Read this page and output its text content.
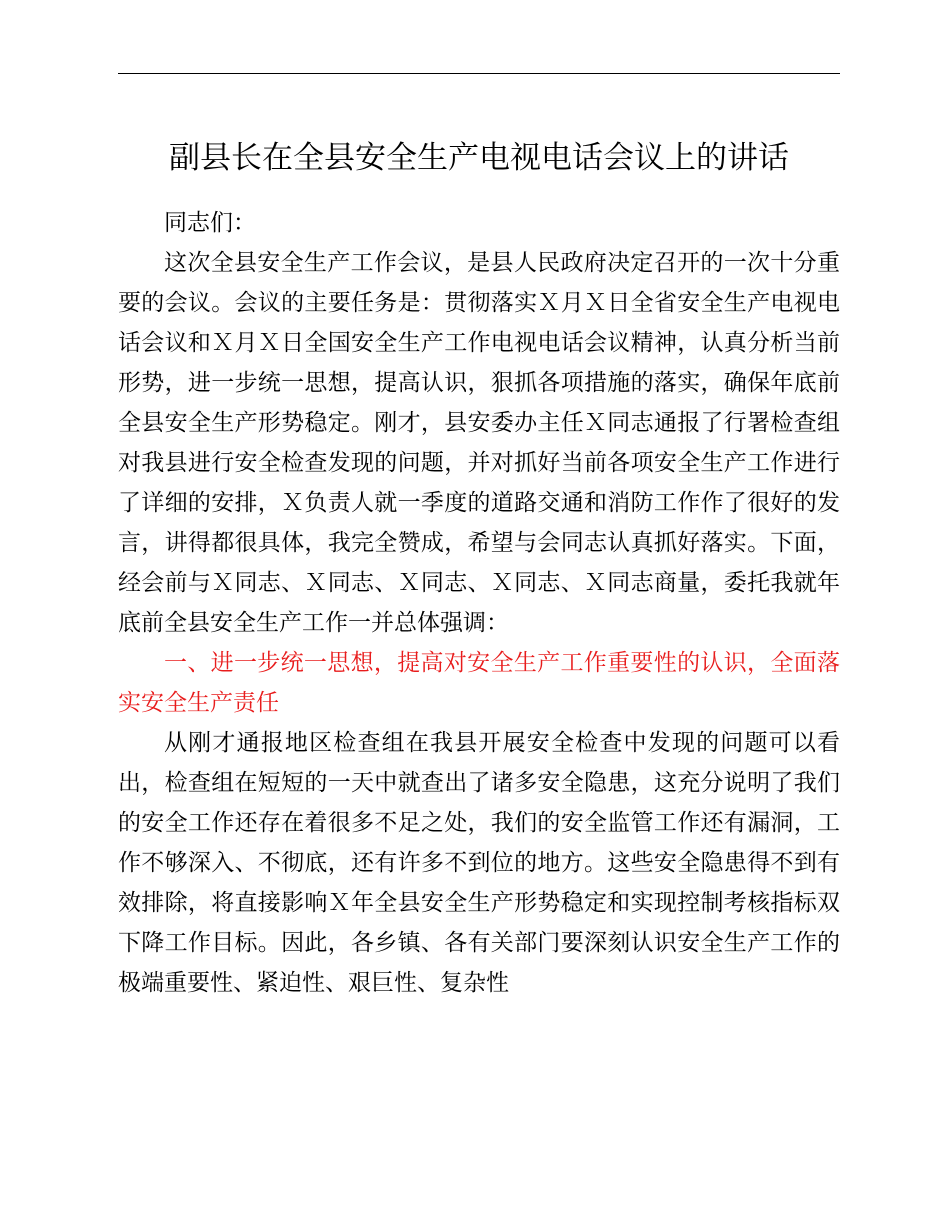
副县长在全县安全生产电视电话会议上的讲话

同志们：

这次全县安全生产工作会议，是县人民政府决定召开的一次十分重要的会议。会议的主要任务是：贯彻落实Ｘ月Ｘ日全省安全生产电视电话会议和Ｘ月Ｘ日全国安全生产工作电视电话会议精神，认真分析当前形势，进一步统一思想，提高认识，狠抓各项措施的落实，确保年底前全县安全生产形势稳定。刚才，县安委办主任Ｘ同志通报了行署检查组对我县进行安全检查发现的问题，并对抓好当前各项安全生产工作进行了详细的安排，Ｘ负责人就一季度的道路交通和消防工作作了很好的发言，讲得都很具体，我完全赞成，希望与会同志认真抓好落实。下面，经会前与Ｘ同志、Ｘ同志、Ｘ同志、Ｘ同志、Ｘ同志商量，委托我就年底前全县安全生产工作一并总体强调：

一、进一步统一思想，提高对安全生产工作重要性的认识，全面落实安全生产责任

从刚才通报地区检查组在我县开展安全检查中发现的问题可以看出，检查组在短短的一天中就查出了诸多安全隐患，这充分说明了我们的安全工作还存在着很多不足之处，我们的安全监管工作还有漏洞，工作不够深入、不彻底，还有许多不到位的地方。这些安全隐患得不到有效排除，将直接影响Ｘ年全县安全生产形势稳定和实现控制考核指标双下降工作目标。因此，各乡镇、各有关部门要深刻认识安全生产工作的极端重要性、紧迫性、艰巨性、复杂性
